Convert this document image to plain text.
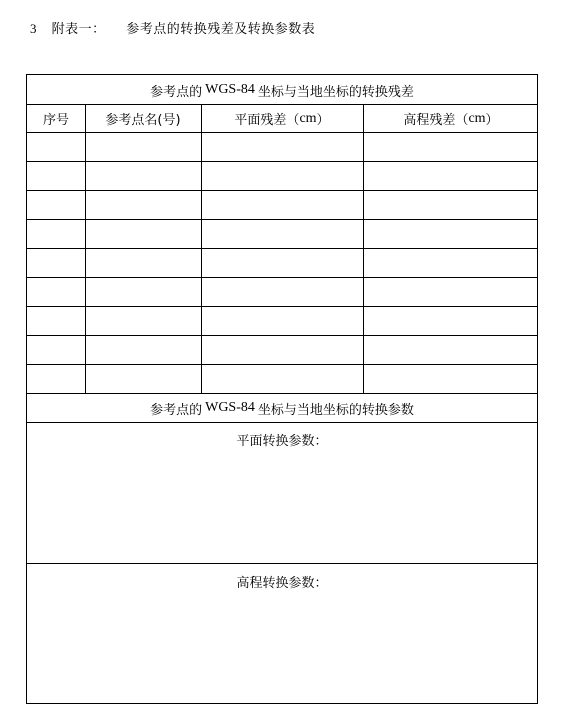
3 附表一： 参考点的转换残差及转换参数表
参考点的 WGS-84 坐标与当地坐标的转换残差
序号	参考点名(号)	平面残差（ cm ）	高程残差（ cm ）
参考点的 WGS-84 坐标与当地坐标的转换参数
平面转换参数：
高程转换参数：
